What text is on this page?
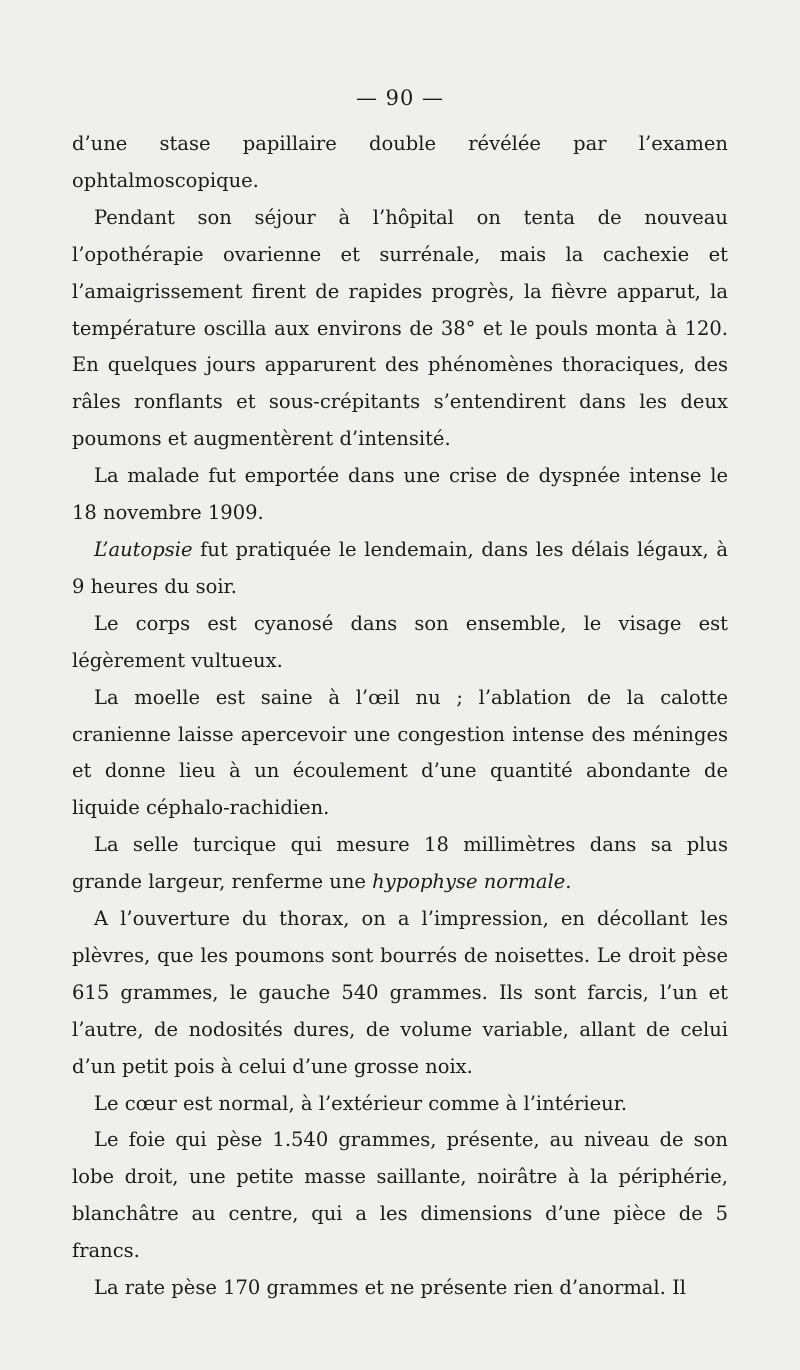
— 90 —

d’une stase papillaire double révélée par l’examen ophtalmoscopique.

Pendant son séjour à l’hôpital on tenta de nouveau l’opothérapie ovarienne et surrénale, mais la cachexie et l’amaigrissement firent de rapides progrès, la fièvre apparut, la température oscilla aux environs de 38° et le pouls monta à 120. En quelques jours apparurent des phénomènes thoraciques, des râles ronflants et sous-crépitants s’entendirent dans les deux poumons et augmentèrent d’intensité.

La malade fut emportée dans une crise de dyspnée intense le 18 novembre 1909.

L’autopsie fut pratiquée le lendemain, dans les délais légaux, à 9 heures du soir.

Le corps est cyanosé dans son ensemble, le visage est légèrement vultueux.

La moelle est saine à l’œil nu ; l’ablation de la calotte cranienne laisse apercevoir une congestion intense des méninges et donne lieu à un écoulement d’une quantité abondante de liquide céphalo-rachidien.

La selle turcique qui mesure 18 millimètres dans sa plus grande largeur, renferme une hypophyse normale.

A l’ouverture du thorax, on a l’impression, en décollant les plèvres, que les poumons sont bourrés de noisettes. Le droit pèse 615 grammes, le gauche 540 grammes. Ils sont farcis, l’un et l’autre, de nodosités dures, de volume variable, allant de celui d’un petit pois à celui d’une grosse noix.

Le cœur est normal, à l’extérieur comme à l’intérieur.

Le foie qui pèse 1.540 grammes, présente, au niveau de son lobe droit, une petite masse saillante, noirâtre à la périphérie, blanchâtre au centre, qui a les dimensions d’une pièce de 5 francs.

La rate pèse 170 grammes et ne présente rien d’anormal. Il
